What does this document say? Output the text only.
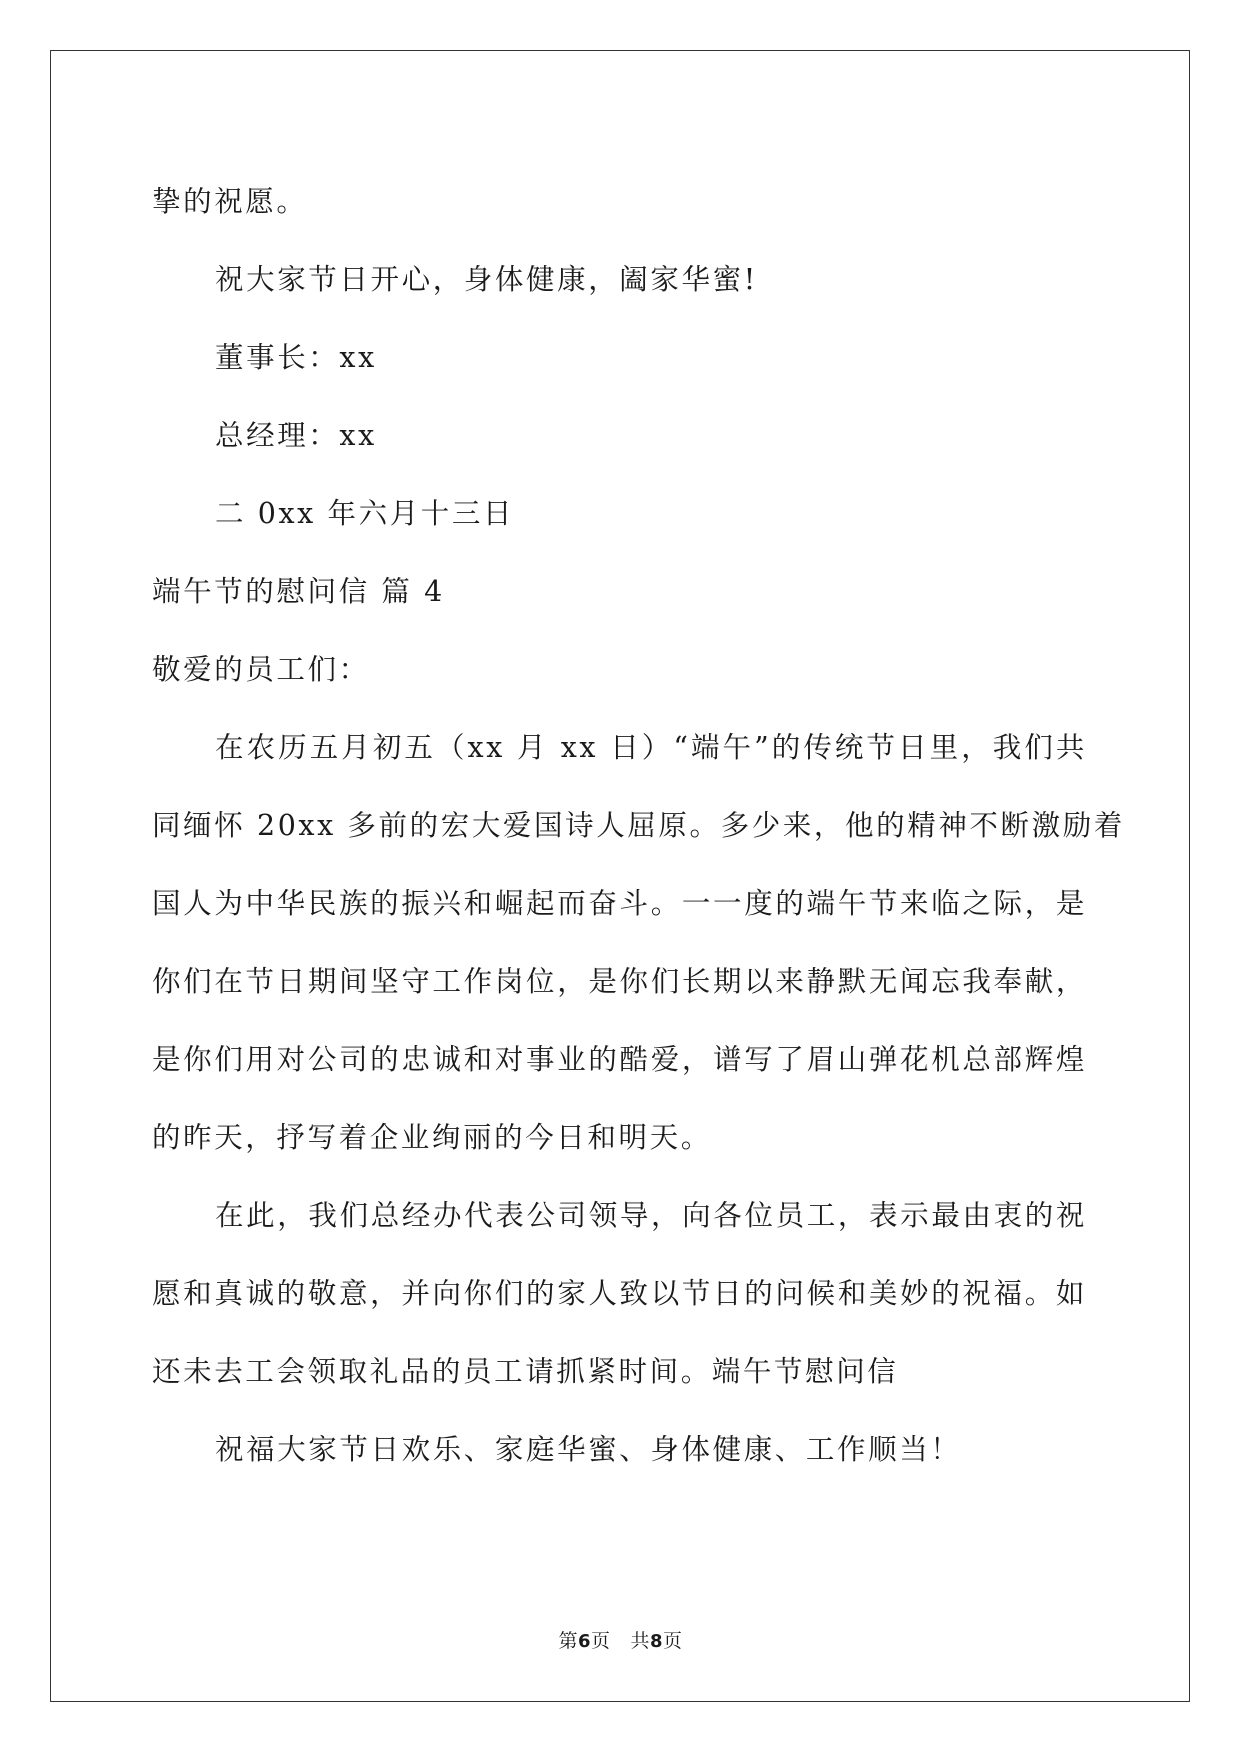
挚的祝愿。
祝大家节日开心，身体健康，阖家华蜜!
董事长：xx
总经理：xx
二 0xx 年六月十三日
端午节的慰问信 篇 4
敬爱的员工们：
在农历五月初五（xx 月 xx 日）“端午”的传统节日里，我们共
同缅怀 20xx 多前的宏大爱国诗人屈原。多少来，他的精神不断激励着
国人为中华民族的振兴和崛起而奋斗。一一度的端午节来临之际，是
你们在节日期间坚守工作岗位，是你们长期以来静默无闻忘我奉献，
是你们用对公司的忠诚和对事业的酷爱，谱写了眉山弹花机总部辉煌
的昨天，抒写着企业绚丽的今日和明天。
在此，我们总经办代表公司领导，向各位员工，表示最由衷的祝
愿和真诚的敬意，并向你们的家人致以节日的问候和美妙的祝福。如
还未去工会领取礼品的员工请抓紧时间。端午节慰问信
祝福大家节日欢乐、家庭华蜜、身体健康、工作顺当！
第6页 共8页
